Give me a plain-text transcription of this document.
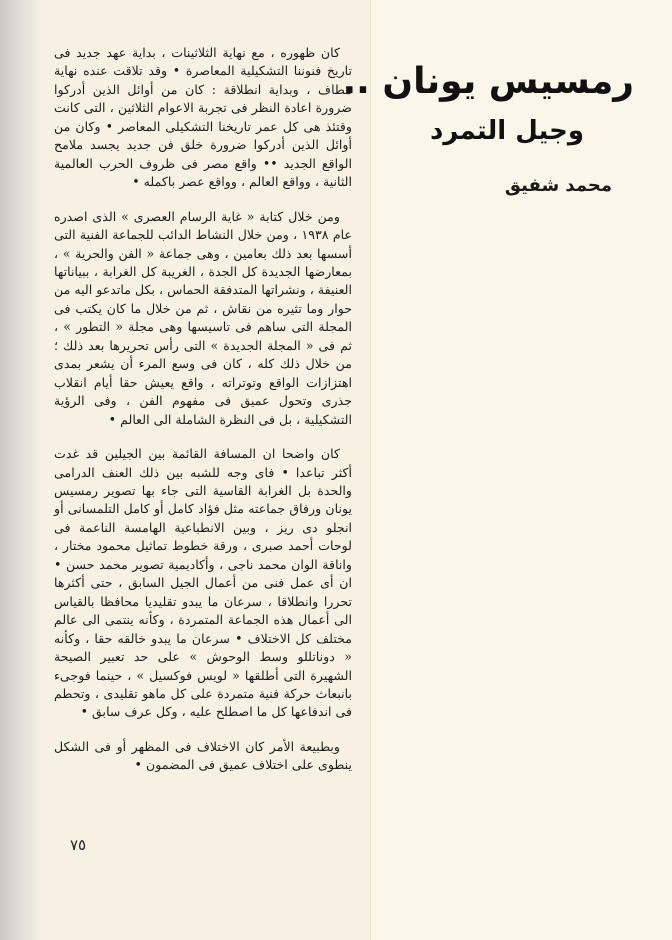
رمسيس يونان ..
وجيل التمرد
محمد شفيق

كان ظهوره ، مع نهاية الثلاثينات ، بداية عهد جديد فى تاريخ فنوننا التشكيلية المعاصرة • وقد تلاقت عنده نهاية مطاف ، وبداية انطلاقة : كان من أوائل الذين أدركوا ضرورة اعادة النظر فى تجربة الاعوام الثلاثين ، التى كانت وقتئذ هى كل عمر تاريخنا التشكيلى المعاصر • وكان من أوائل الذين أدركوا ضرورة خلق فن جديد يجسد ملامح الواقع الجديد •• واقع مصر فى ظروف الحرب العالمية الثانية ، وواقع العالم ، وواقع عصر باكمله •

ومن خلال كتابة « غاية الرسام العصرى » الذى اصدره عام ١٩٣٨ ، ومن خلال النشاط الدائب للجماعة الفنية التى أسسها بعد ذلك بعامين ، وهى جماعة « الفن والحرية » ، بمعارضها الجديدة كل الجدة ، الغريبة كل الغرابة ، ببياناتها العنيفة ، ونشراتها المتدفقة الحماس ، بكل ماتدعو اليه من حوار وما تثيره من نقاش ، ثم من خلال ما كان يكتب فى المجلة التى ساهم فى تاسيسها وهى مجلة « التطور » ، ثم فى « المجلة الجديدة » التى رأس تحريرها بعد ذلك ؛ من خلال ذلك كله ، كان فى وسع المرء أن يشعر بمدى اهتزازات الواقع وتوتراته ، واقع يعيش حقا أيام انقلاب جذرى وتحول عميق فى مفهوم الفن ، وفى الرؤية التشكيلية ، بل فى النظرة الشاملة الى العالم •

كان واضحا ان المسافة القائمة بين الجيلين قد غدت أكثر تباعدا • فاى وجه للشبه بين ذلك العنف الدرامى والحدة بل الغرابة القاسية التى جاء بها تصوير رمسيس يونان ورفاق جماعته مثل فؤاد كامل أو كامل التلمسانى أو انجلو دى ريز ، وبين الانطباعية الهامسة الناعمة فى لوحات أحمد صبرى ، ورقة خطوط تماثيل محمود مختار ، واناقة الوان محمد ناجى ، وأكاديمية تصوير محمد حسن • ان أى عمل فنى من أعمال الجيل السابق ، حتى أكثرها تحررا وانطلاقا ، سرعان ما يبدو تقليديا محافظا بالقياس الى أعمال هذه الجماعة المتمردة ، وكأنه ينتمى الى عالم مختلف كل الاختلاف • سرعان ما يبدو خالقه حقا ، وكأنه « دوناتللو وسط الوحوش » على حد تعبير الصيحة الشهيرة التى أطلقها « لويس فوكسيل » ، حينما فوجىء بانبعاث حركة فنية متمردة على كل ماهو تقليدى ، وتحطم فى اندفاعها كل ما اصطلح عليه ، وكل عرف سابق •

وبطبيعة الأمر كان الاختلاف فى المظهر أو فى الشكل ينطوى على اختلاف عميق فى المضمون •

٧٥
